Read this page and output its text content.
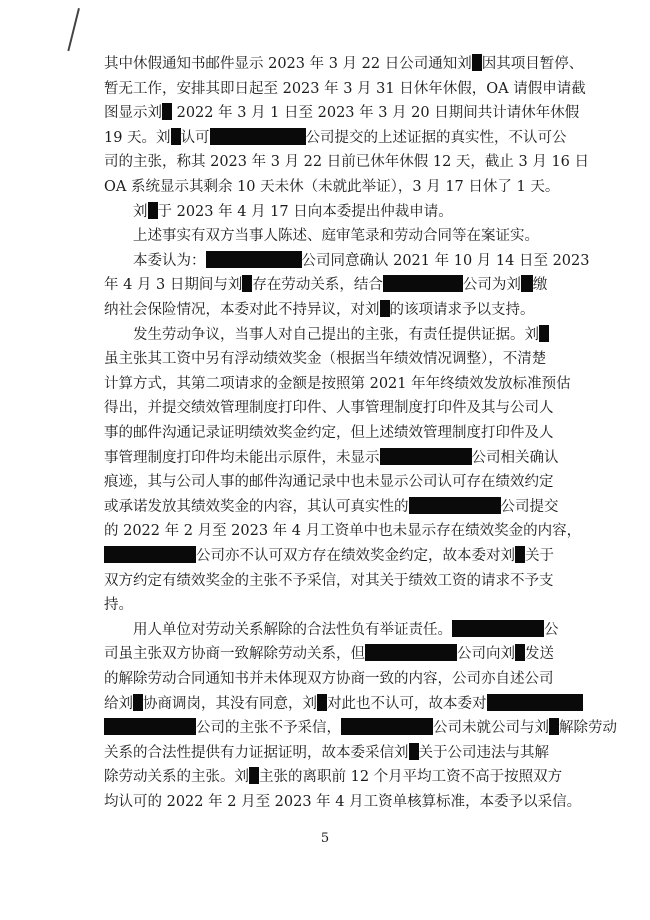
其中休假通知书邮件显示 2023 年 3 月 22 日公司通知刘 因其项目暂停、
暂无工作，安排其即日起至 2023 年 3 月 31 日休年休假，OA 请假申请截
图显示刘 2022 年 3 月 1 日至 2023 年 3 月 20 日期间共计请休年休假
19 天。刘 认可	公司提交的上述证据的真实性，不认可公
司的主张，称其 2023 年 3 月 22 日前已休年休假 12 天，截止 3 月 16 日
OA 系统显示其剩余 10 天未休（未就此举证），3 月 17 日休了 1 天。
　　刘 于 2023 年 4 月 17 日向本委提出仲裁申请。
　　上述事实有双方当事人陈述、庭审笔录和劳动合同等在案证实。
　　本委认为：	公司同意确认 2021 年 10 月 14 日至 2023
年 4 月 3 日期间与刘 存在劳动关系，结合	公司为刘 缴
纳社会保险情况，本委对此不持异议，对刘 的该项请求予以支持。
　　发生劳动争议，当事人对自己提出的主张，有责任提供证据。刘
虽主张其工资中另有浮动绩效奖金（根据当年绩效情况调整），不清楚
计算方式，其第二项请求的金额是按照第 2021 年年终绩效发放标准预估
得出，并提交绩效管理制度打印件、人事管理制度打印件及其与公司人
事的邮件沟通记录证明绩效奖金约定，但上述绩效管理制度打印件及人
事管理制度打印件均未能出示原件，未显示	公司相关确认
痕迹，其与公司人事的邮件沟通记录中也未显示公司认可存在绩效约定
或承诺发放其绩效奖金的内容，其认可真实性的	公司提交
的 2022 年 2 月至 2023 年 4 月工资单中也未显示存在绩效奖金的内容，
公司亦不认可双方存在绩效奖金约定，故本委对刘 关于
双方约定有绩效奖金的主张不予采信，对其关于绩效工资的请求不予支
持。
　　用人单位对劳动关系解除的合法性负有举证责任。	公
司虽主张双方协商一致解除劳动关系，但	公司向刘 发送
的解除劳动合同通知书并未体现双方协商一致的内容，公司亦自述公司
给刘 协商调岗，其没有同意，刘 对此也不认可，故本委对
公司的主张不予采信，	公司未就公司与刘 解除劳动
关系的合法性提供有力证据证明，故本委采信刘 关于公司违法与其解
除劳动关系的主张。刘 主张的离职前 12 个月平均工资不高于按照双方
均认可的 2022 年 2 月至 2023 年 4 月工资单核算标准，本委予以采信。
5
